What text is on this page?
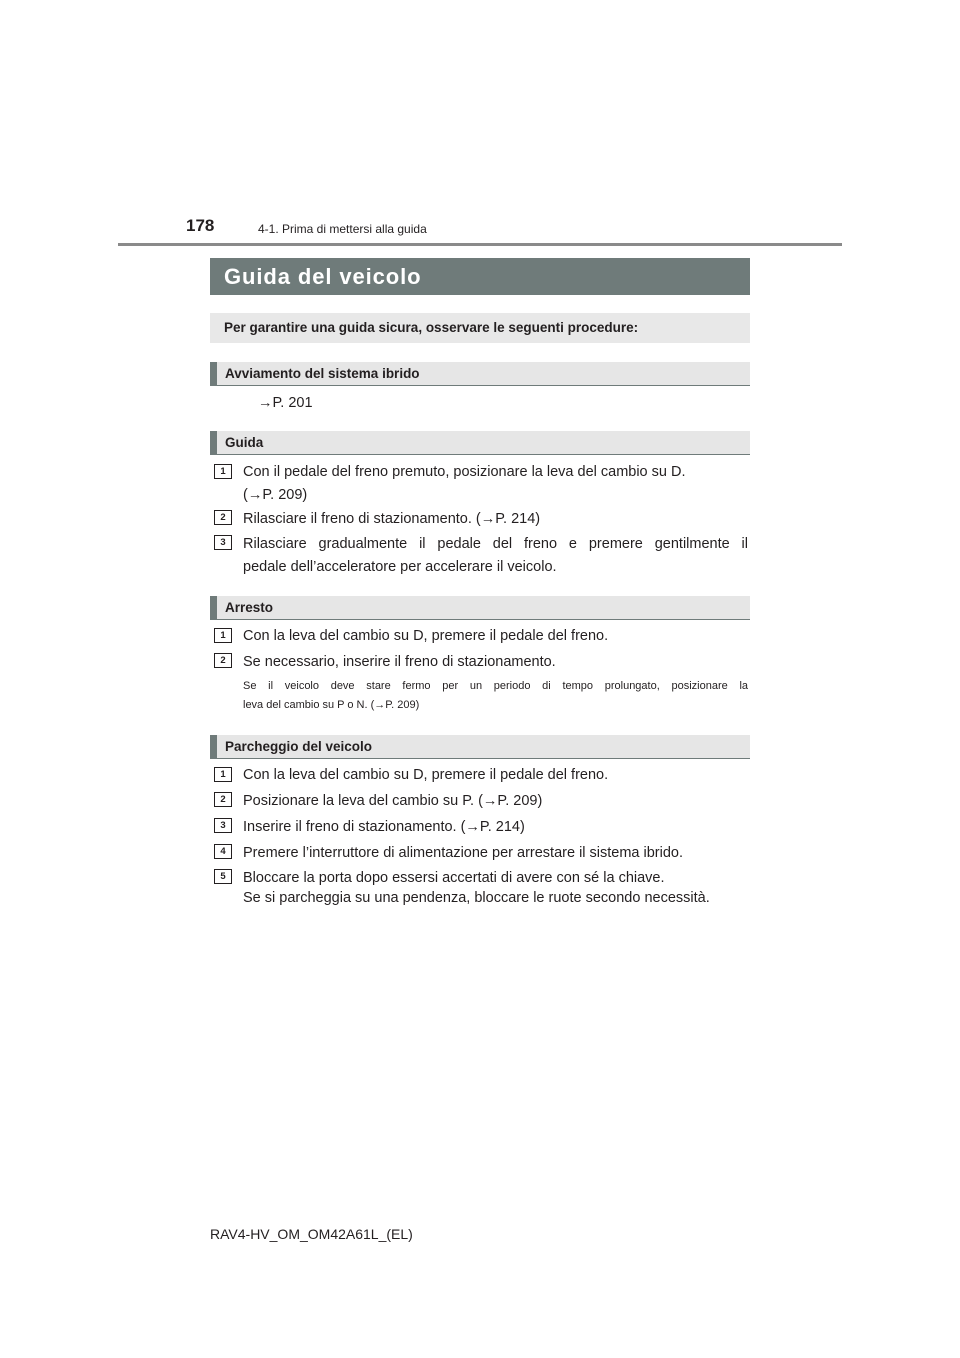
178	4-1. Prima di mettersi alla guida
Guida del veicolo
Per garantire una guida sicura, osservare le seguenti procedure:
Avviamento del sistema ibrido
→P. 201
Guida
1	Con il pedale del freno premuto, posizionare la leva del cambio su D.
(→P. 209)
2	Rilasciare il freno di stazionamento. (→P. 214)
3	Rilasciare gradualmente il pedale del freno e premere gentilmente il
pedale dell’acceleratore per accelerare il veicolo.
Arresto
1	Con la leva del cambio su D, premere il pedale del freno.
2	Se necessario, inserire il freno di stazionamento.
Se il veicolo deve stare fermo per un periodo di tempo prolungato, posizionare la
leva del cambio su P o N. (→P. 209)
Parcheggio del veicolo
1	Con la leva del cambio su D, premere il pedale del freno.
2	Posizionare la leva del cambio su P. (→P. 209)
3	Inserire il freno di stazionamento. (→P. 214)
4	Premere l’interruttore di alimentazione per arrestare il sistema ibrido.
5	Bloccare la porta dopo essersi accertati di avere con sé la chiave.
Se si parcheggia su una pendenza, bloccare le ruote secondo necessità.
RAV4-HV_OM_OM42A61L_(EL)
